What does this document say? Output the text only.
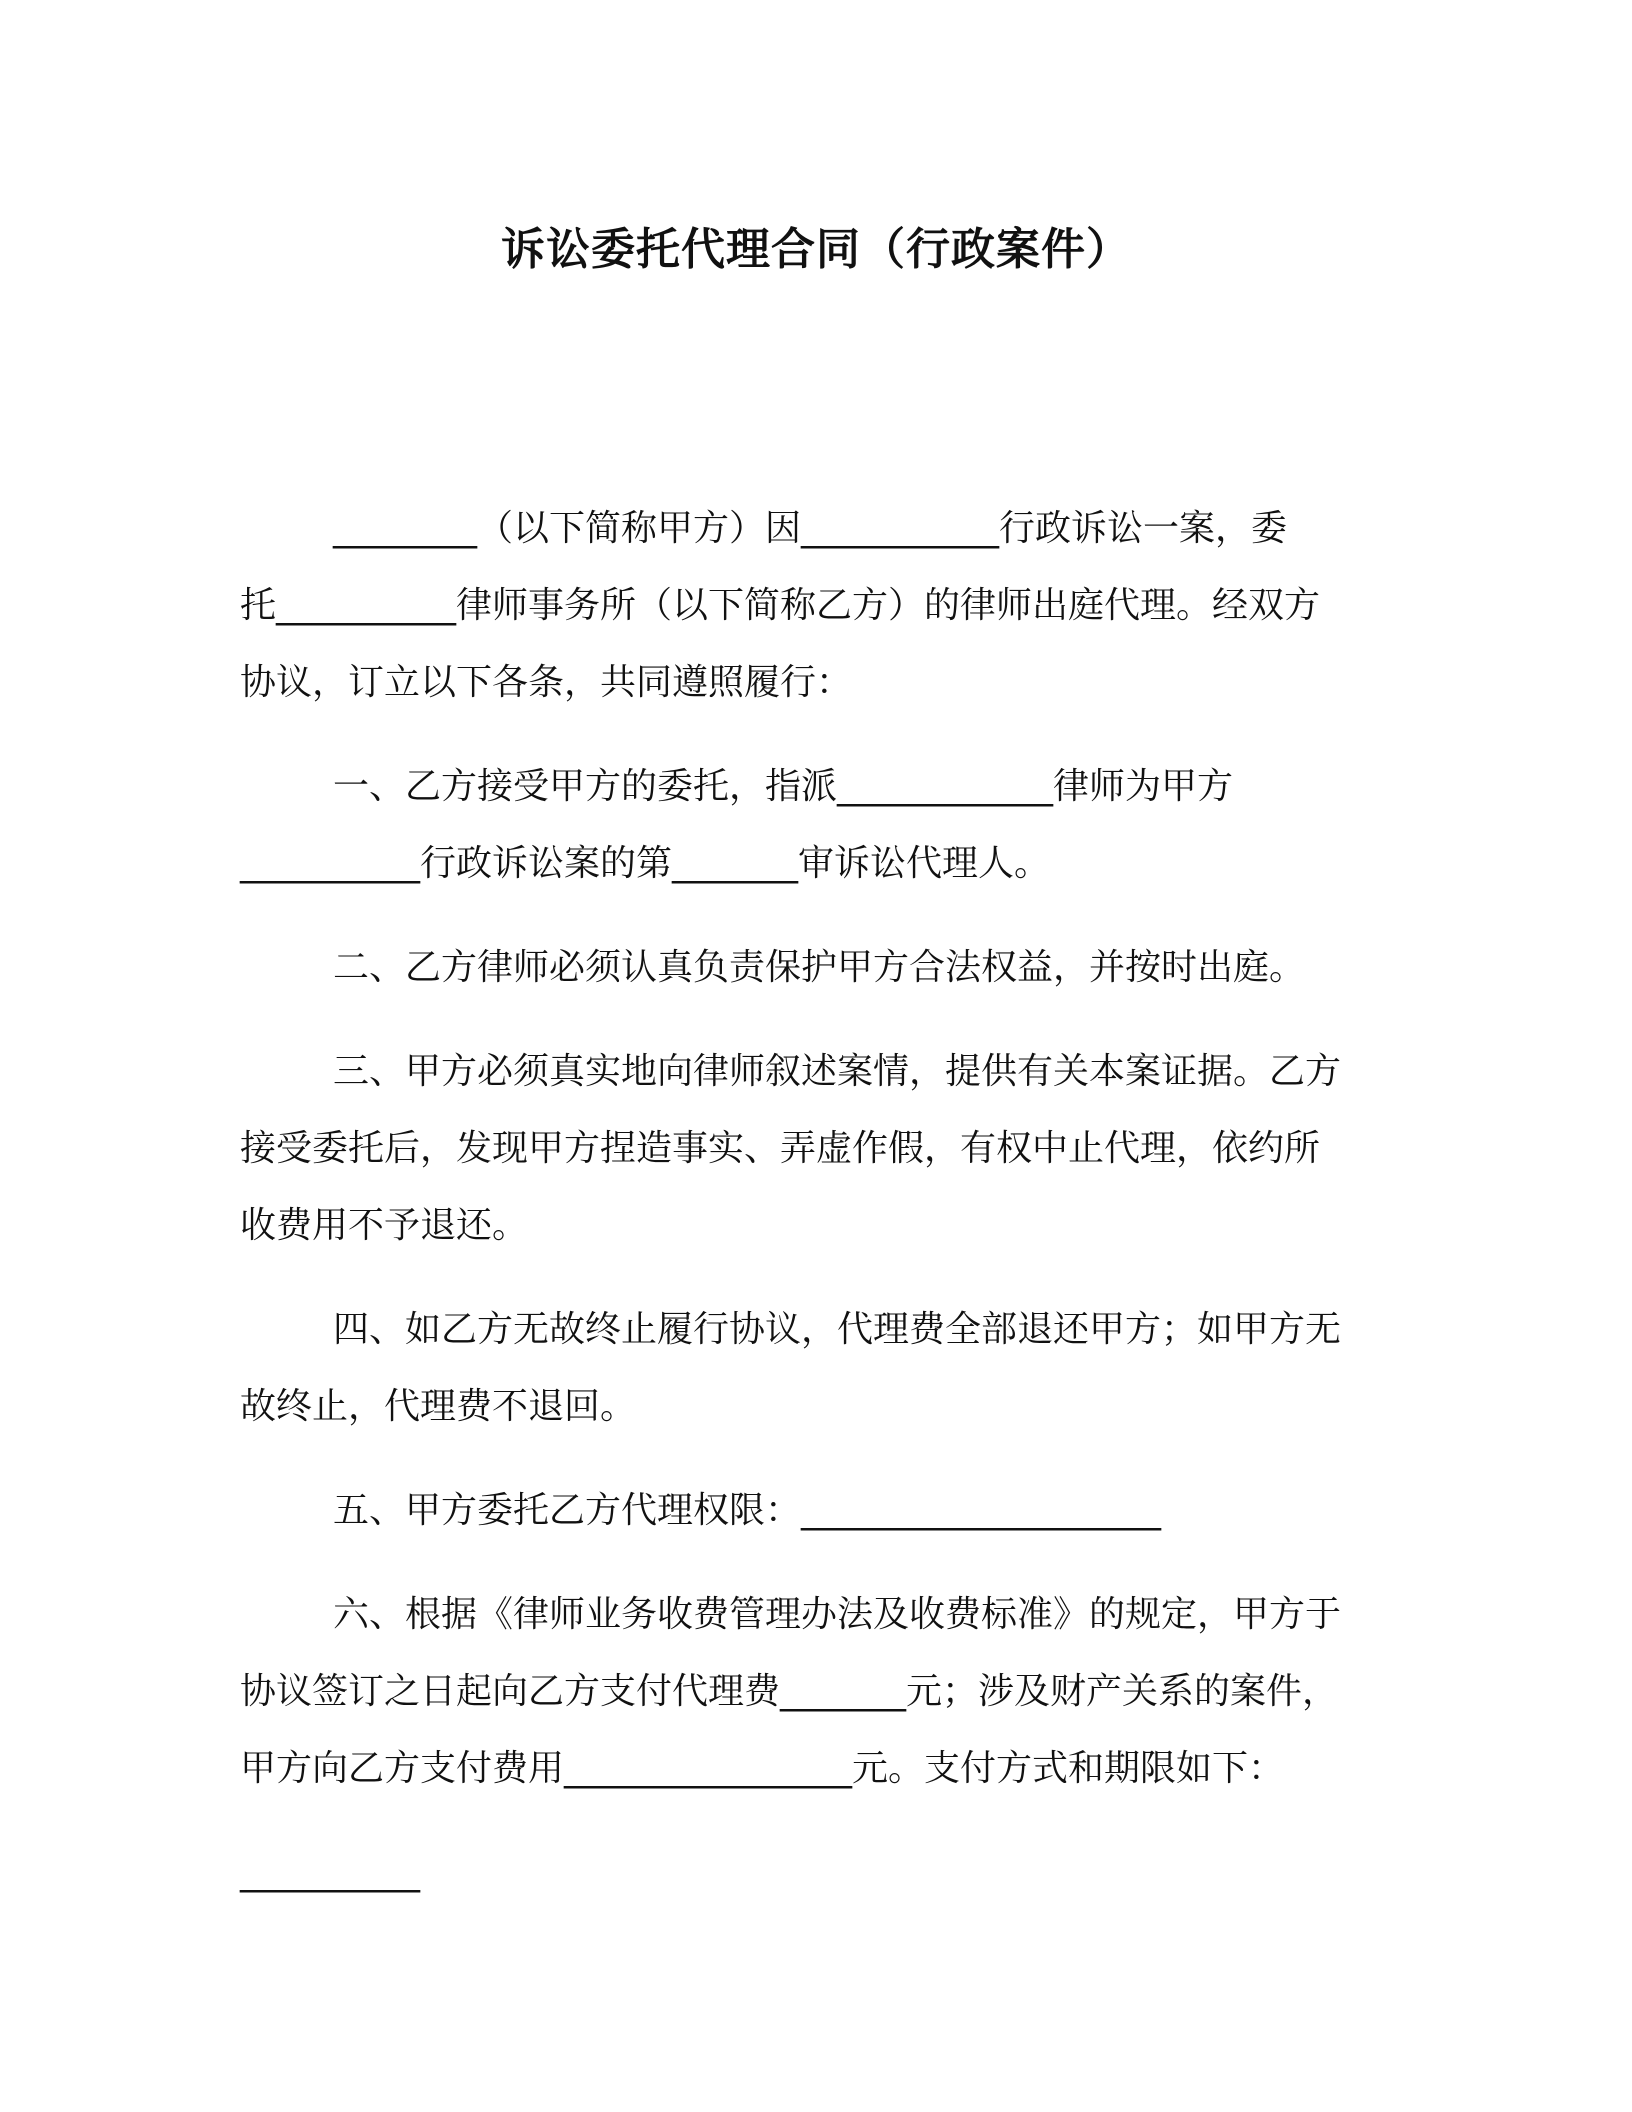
诉讼委托代理合同（行政案件）

________（以下简称甲方）因___________行政诉讼一案，委
托__________律师事务所（以下简称乙方）的律师出庭代理。经双方
协议，订立以下各条，共同遵照履行：

一、乙方接受甲方的委托，指派____________律师为甲方
__________行政诉讼案的第_______审诉讼代理人。

二、乙方律师必须认真负责保护甲方合法权益，并按时出庭。

三、甲方必须真实地向律师叙述案情，提供有关本案证据。乙方
接受委托后，发现甲方捏造事实、弄虚作假，有权中止代理，依约所
收费用不予退还。

四、如乙方无故终止履行协议，代理费全部退还甲方；如甲方无
故终止，代理费不退回。

五、甲方委托乙方代理权限：____________________

六、根据《律师业务收费管理办法及收费标准》的规定，甲方于
协议签订之日起向乙方支付代理费_______元；涉及财产关系的案件，
甲方向乙方支付费用________________元。支付方式和期限如下：

__________
